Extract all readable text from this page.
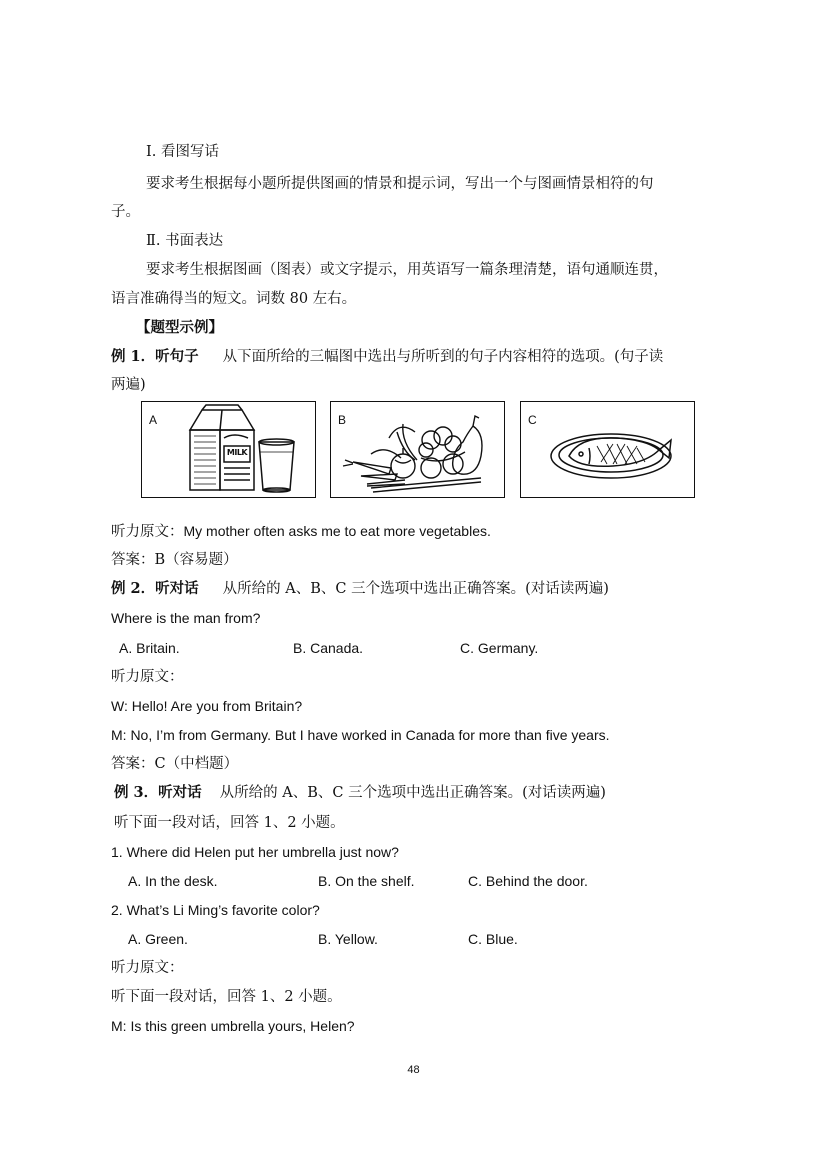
Ⅰ. 看图写话
要求考生根据每小题所提供图画的情景和提示词，写出一个与图画情景相符的句
子。
Ⅱ. 书面表达
要求考生根据图画（图表）或文字提示，用英语写一篇条理清楚，语句通顺连贯，
语言准确得当的短文。词数 80 左右。
【题型示例】
例 1．听句子 从下面所给的三幅图中选出与所听到的句子内容相符的选项。(句子读
两遍)
A
MILK
B	C
听力原文：My mother often asks me to eat more vegetables.
答案：B（容易题）
例 2．听对话 从所给的 A、B、C 三个选项中选出正确答案。(对话读两遍)
Where is the man from?
A. Britain.	B. Canada.	C. Germany.
听力原文：
W: Hello! Are you from Britain?
M: No, I’m from Germany. But I have worked in Canada for more than five years.
答案：C（中档题）
例 3．听对话 从所给的 A、B、C 三个选项中选出正确答案。(对话读两遍)
听下面一段对话，回答 1、2 小题。
1. Where did Helen put her umbrella just now?
A. In the desk.	B. On the shelf.	C. Behind the door.
2. What’s Li Ming’s favorite color?
A. Green.	B. Yellow.	C. Blue.
听力原文：
听下面一段对话，回答 1、2 小题。
M: Is this green umbrella yours, Helen?
48
